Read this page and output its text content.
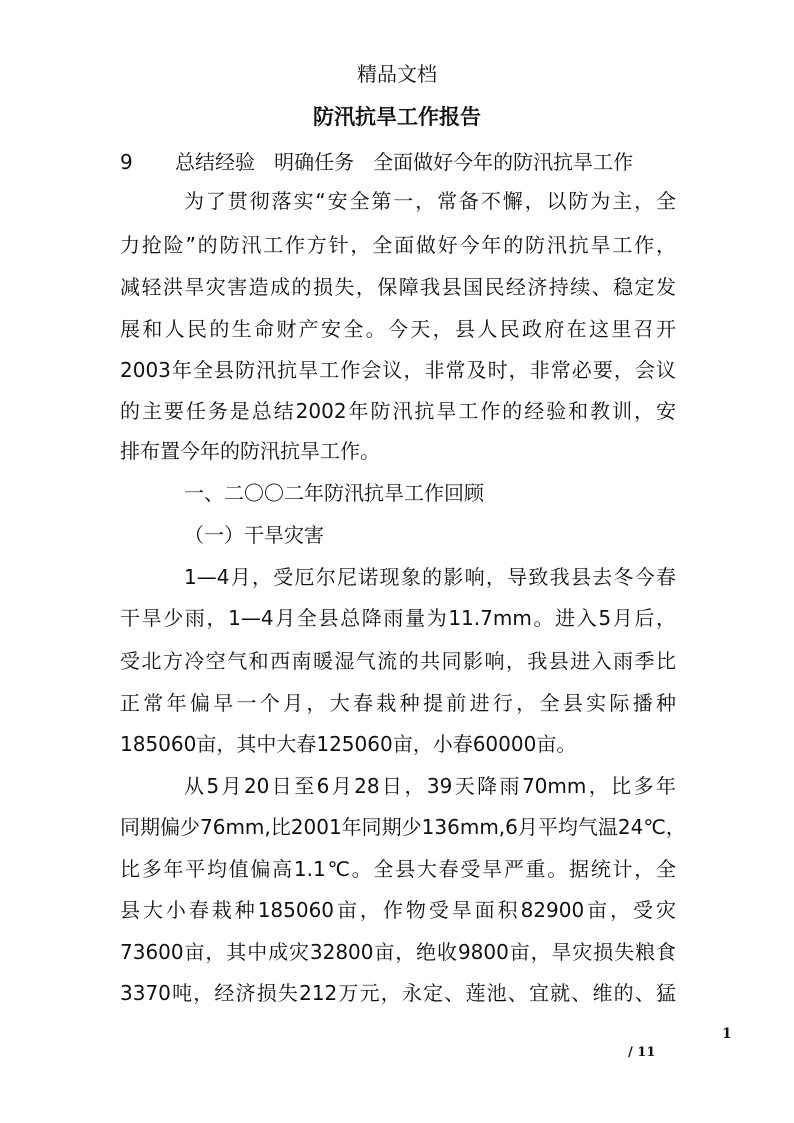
精品文档
防汛抗旱工作报告
9 总结经验   明确任务   全面做好今年的防汛抗旱工作
为了贯彻落实“安全第一，常备不懈，以防为主，全
力抢险”的防汛工作方针，全面做好今年的防汛抗旱工作，
减轻洪旱灾害造成的损失，保障我县国民经济持续、稳定发
展和人民的生命财产安全。今天，县人民政府在这里召开
2003年全县防汛抗旱工作会议，非常及时，非常必要，会议
的主要任务是总结2002年防汛抗旱工作的经验和教训，安
排布置今年的防汛抗旱工作。
一、二〇〇二年防汛抗旱工作回顾
（一）干旱灾害
1—4月，受厄尔尼诺现象的影响，导致我县去冬今春
干旱少雨，1—4月全县总降雨量为11.7mm。进入5月后，
受北方冷空气和西南暖湿气流的共同影响，我县进入雨季比
正常年偏早一个月，大春栽种提前进行，全县实际播种
185060亩，其中大春125060亩，小春60000亩。
从5月20日至6月28日，39天降雨70mm，比多年
同期偏少76mm,比2001年同期少136mm,6月平均气温24℃，
比多年平均值偏高1.1℃。全县大春受旱严重。据统计，全
县大小春栽种185060亩，作物受旱面积82900亩，受灾
73600亩，其中成灾32800亩，绝收9800亩，旱灾损失粮食
3370吨，经济损失212万元，永定、莲池、宜就、维的、猛
1
/ 11
